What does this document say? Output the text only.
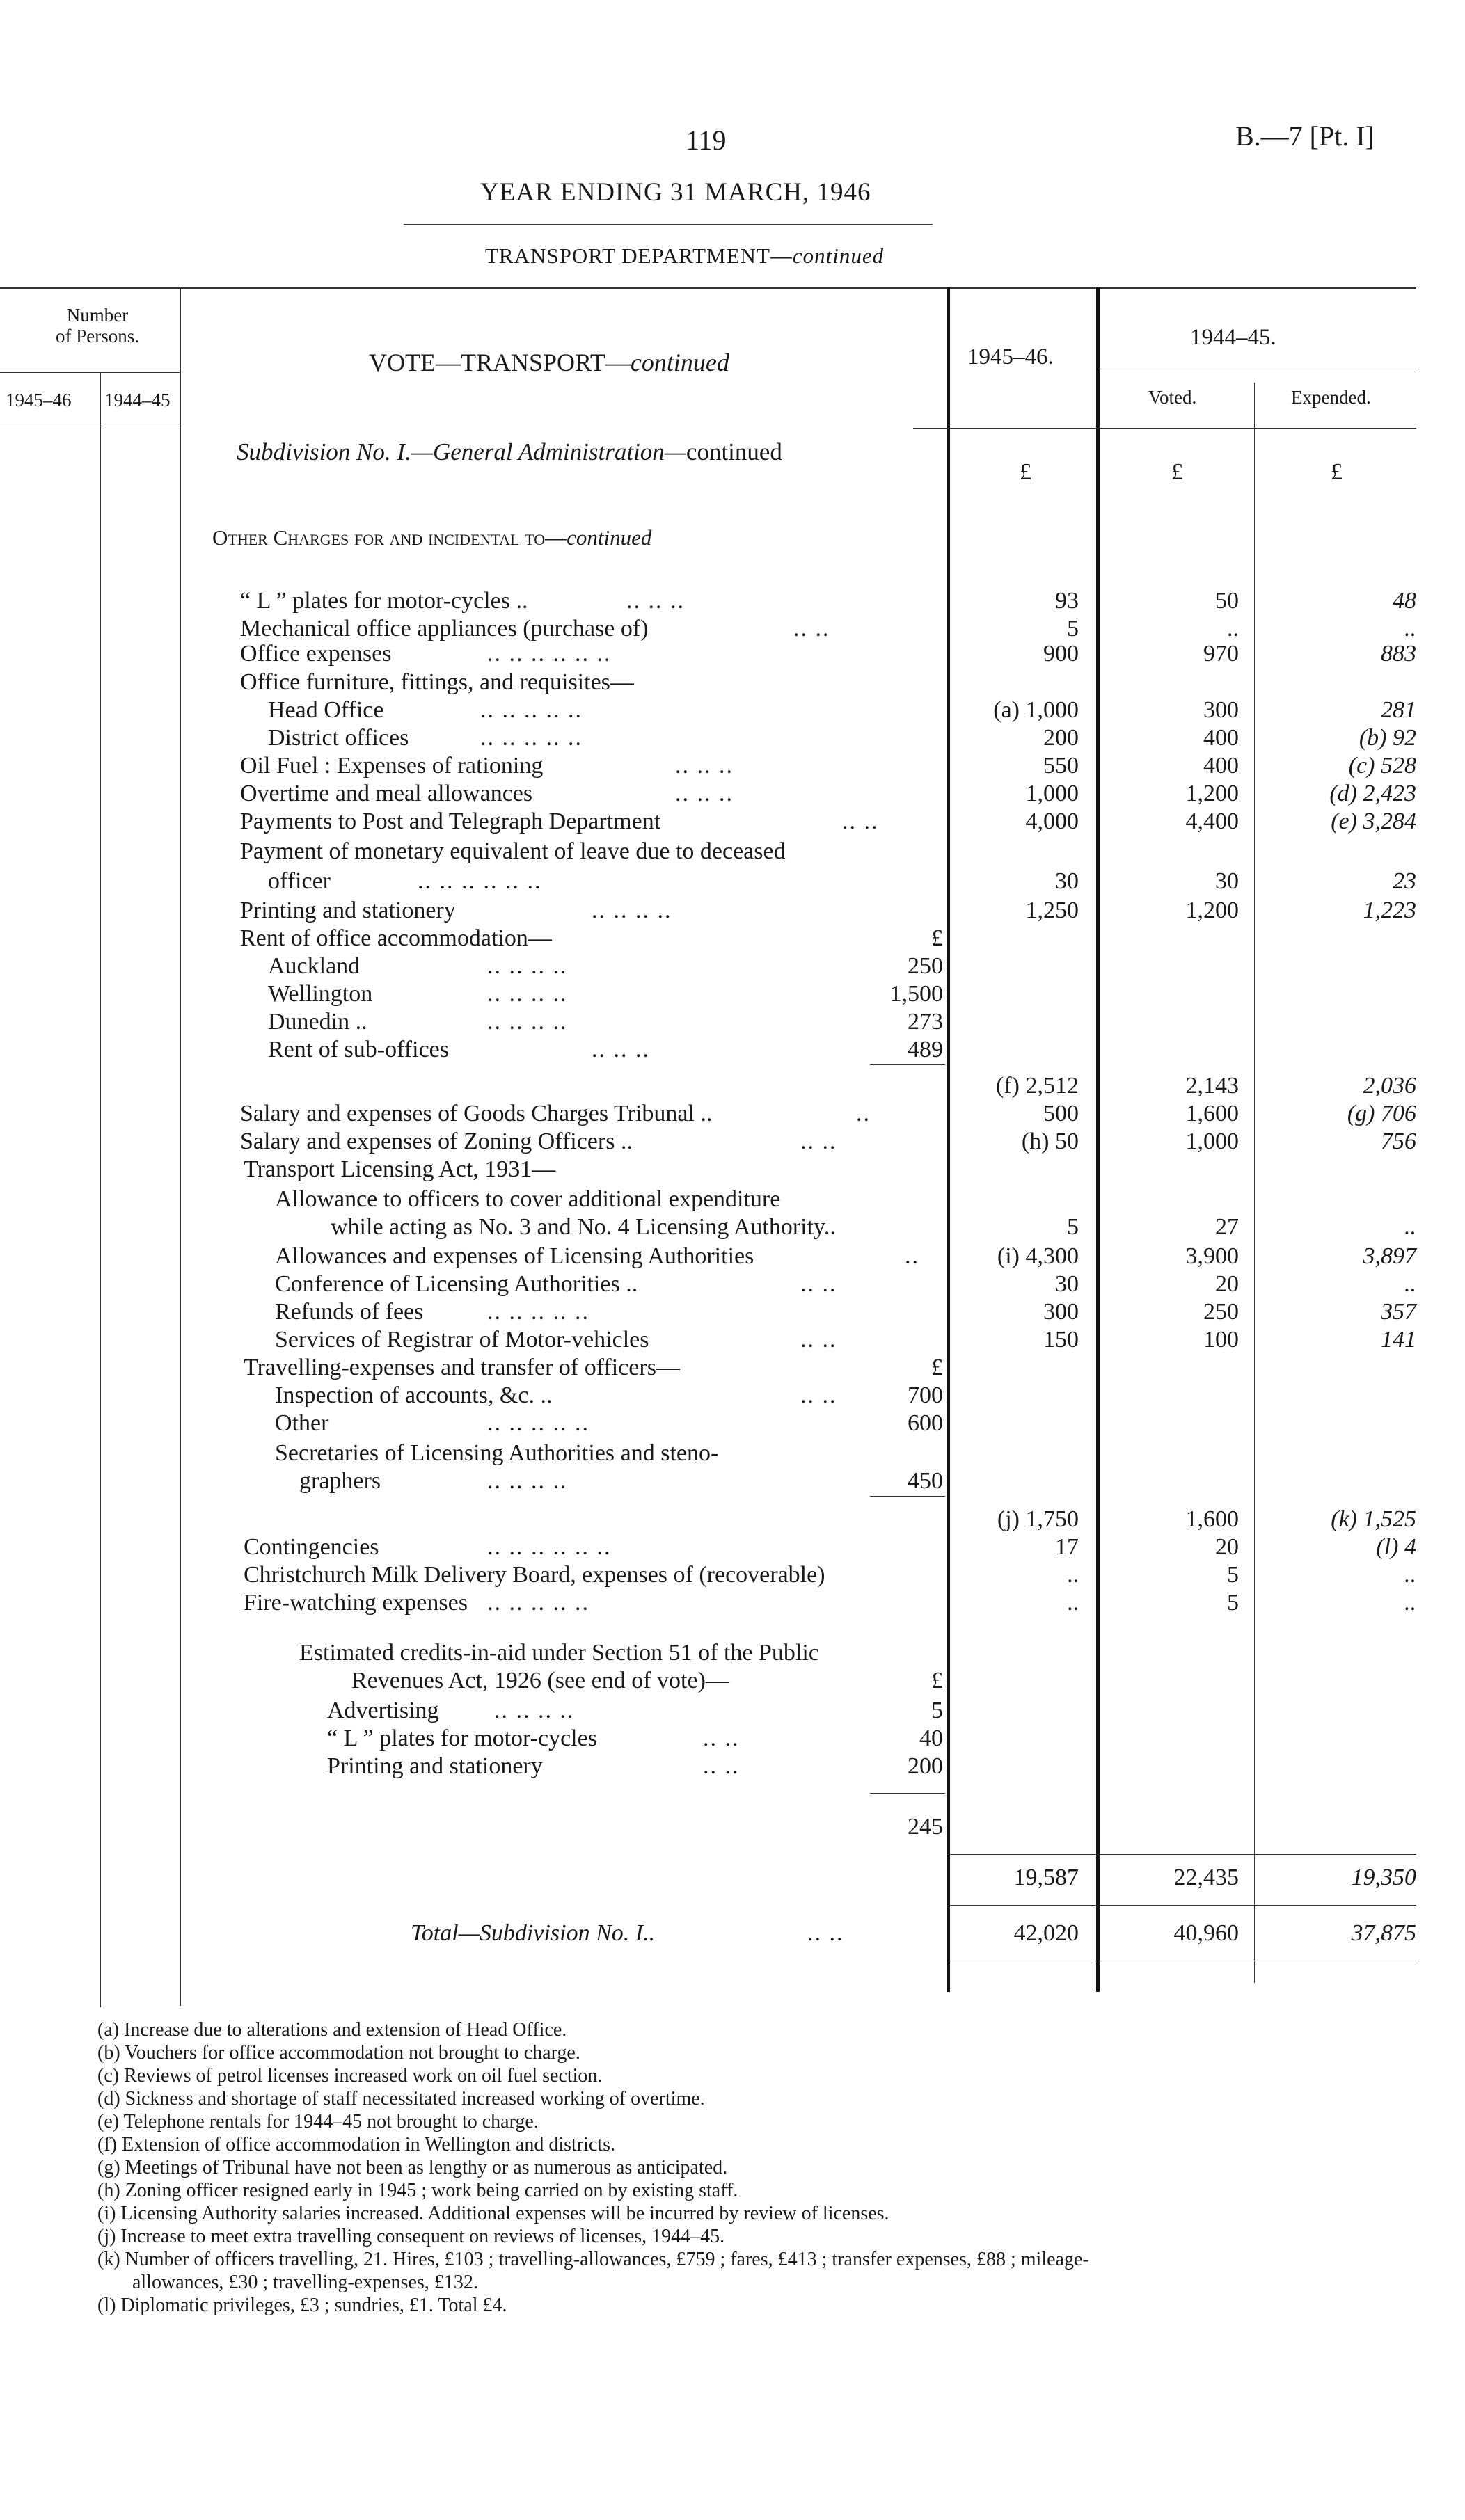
119	B.—7 [Pt. I]
YEAR ENDING 31 MARCH, 1946
TRANSPORT DEPARTMENT—continued
Number
of Persons.
1945–46 1944–45
VOTE—TRANSPORT—continued	1945–46.
1944–45.
Voted.	Expended.
£	£	£
Subdivision No. I.—General Administration—continued
Other Charges for and incidental to—continued
“ L ” plates for motor-cycles ..	.. .. ..	93	50	48
Mechanical office appliances (purchase of)	.. ..	5	..	..
Office expenses	.. .. .. .. .. ..	900	970	883
Office furniture, fittings, and requisites—
Head Office	.. .. .. .. ..	(a) 1,000	300	281
District offices	.. .. .. .. ..	200	400	(b) 92
Oil Fuel : Expenses of rationing	.. .. ..	550	400	(c) 528
Overtime and meal allowances	.. .. ..	1,000	1,200	(d) 2,423
Payments to Post and Telegraph Department	.. ..	4,000	4,400	(e) 3,284
Payment of monetary equivalent of leave due to deceased
officer	.. .. .. .. .. ..	30	30	23
Printing and stationery	.. .. .. ..	1,250	1,200	1,223
Rent of office accommodation—	£
Auckland	.. .. .. ..	250
Wellington	.. .. .. ..	1,500
Dunedin ..	.. .. .. ..	273
Rent of sub-offices	.. .. ..	489
(f) 2,512	2,143	2,036
Salary and expenses of Goods Charges Tribunal ..	..	500	1,600	(g) 706
Salary and expenses of Zoning Officers ..	.. ..	(h) 50	1,000	756
Transport Licensing Act, 1931—
Allowance to officers to cover additional expenditure
while acting as No. 3 and No. 4 Licensing Authority..	5	27	..
Allowances and expenses of Licensing Authorities	..	(i) 4,300	3,900	3,897
Conference of Licensing Authorities ..	.. ..	30	20	..
Refunds of fees	.. .. .. .. ..	300	250	357
Services of Registrar of Motor-vehicles	.. ..	150	100	141
Travelling-expenses and transfer of officers—	£
Inspection of accounts, &c. ..	.. ..	700
Other	.. .. .. .. ..	600
Secretaries of Licensing Authorities and steno-
graphers	.. .. .. ..	450
(j) 1,750	1,600	(k) 1,525
Contingencies	.. .. .. .. .. ..	17	20	(l) 4
Christchurch Milk Delivery Board, expenses of (recoverable)	..	5	..
Fire-watching expenses .. .. .. .. ..	..	5	..
Estimated credits-in-aid under Section 51 of the Public
Revenues Act, 1926 (see end of vote)—	£
Advertising .. .. .. ..	5
“ L ” plates for motor-cycles	.. ..	40
Printing and stationery	.. ..	200
245
19,587	22,435	19,350
Total—Subdivision No. I..	.. ..	42,020	40,960	37,875
(a) Increase due to alterations and extension of Head Office.
(b) Vouchers for office accommodation not brought to charge.
(c) Reviews of petrol licenses increased work on oil fuel section.
(d) Sickness and shortage of staff necessitated increased working of overtime.
(e) Telephone rentals for 1944–45 not brought to charge.
(f) Extension of office accommodation in Wellington and districts.
(g) Meetings of Tribunal have not been as lengthy or as numerous as anticipated.
(h) Zoning officer resigned early in 1945 ; work being carried on by existing staff.
(i) Licensing Authority salaries increased. Additional expenses will be incurred by review of licenses.
(j) Increase to meet extra travelling consequent on reviews of licenses, 1944–45.
(k) Number of officers travelling, 21. Hires, £103 ; travelling-allowances, £759 ; fares, £413 ; transfer expenses, £88 ; mileage-
allowances, £30 ; travelling-expenses, £132.
(l) Diplomatic privileges, £3 ; sundries, £1. Total £4.
